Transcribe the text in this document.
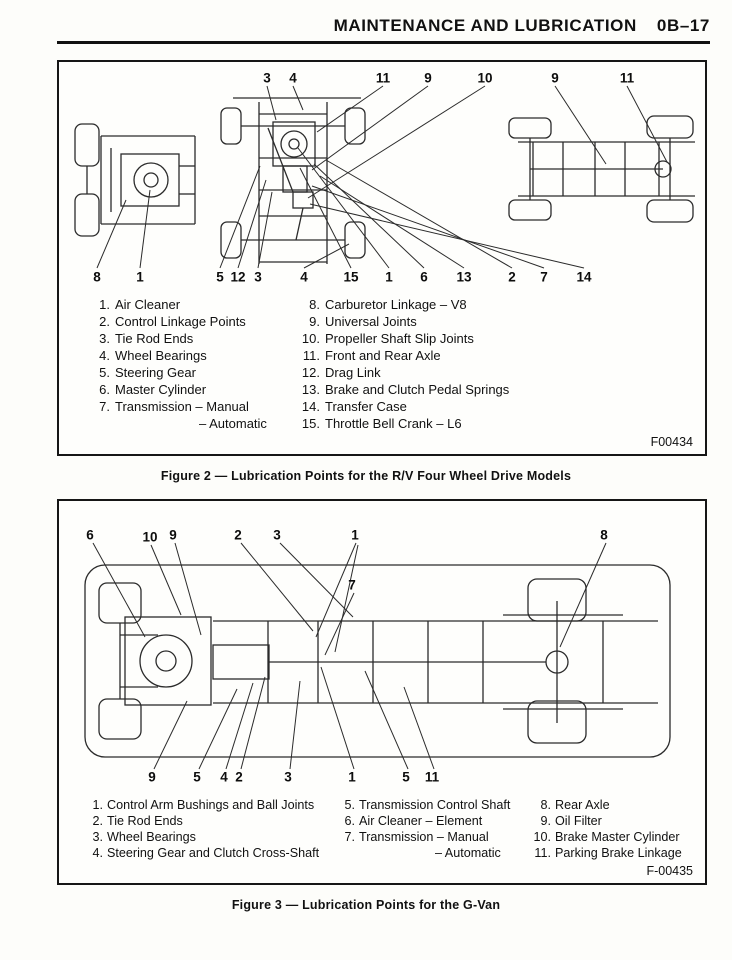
MAINTENANCE AND LUBRICATION 0B–17
3 4	11	9	10	9	11
8	1	5 12 3	4	15 1 6 13	2 7 14
1. Air Cleaner
2. Control Linkage Points
3. Tie Rod Ends
4. Wheel Bearings
5. Steering Gear
6. Master Cylinder
7. Transmission – Manual
– Automatic
8. Carburetor Linkage – V8
9. Universal Joints
10. Propeller Shaft Slip Joints
11. Front and Rear Axle
12. Drag Link
13. Brake and Clutch Pedal Springs
14. Transfer Case
15. Throttle Bell Crank – L6
F00434

Figure 2 — Lubrication Points for the R/V Four Wheel Drive Models

6	10 9	2 3	1
7
8
9	5 4 2	3	1	5 11
1. Control Arm Bushings and Ball Joints
2. Tie Rod Ends
3. Wheel Bearings
4. Steering Gear and Clutch Cross-Shaft
5. Transmission Control Shaft
6. Air Cleaner – Element
7. Transmission – Manual
– Automatic
8. Rear Axle
9. Oil Filter
10. Brake Master Cylinder
11. Parking Brake Linkage
F-00435

Figure 3 — Lubrication Points for the G-Van
